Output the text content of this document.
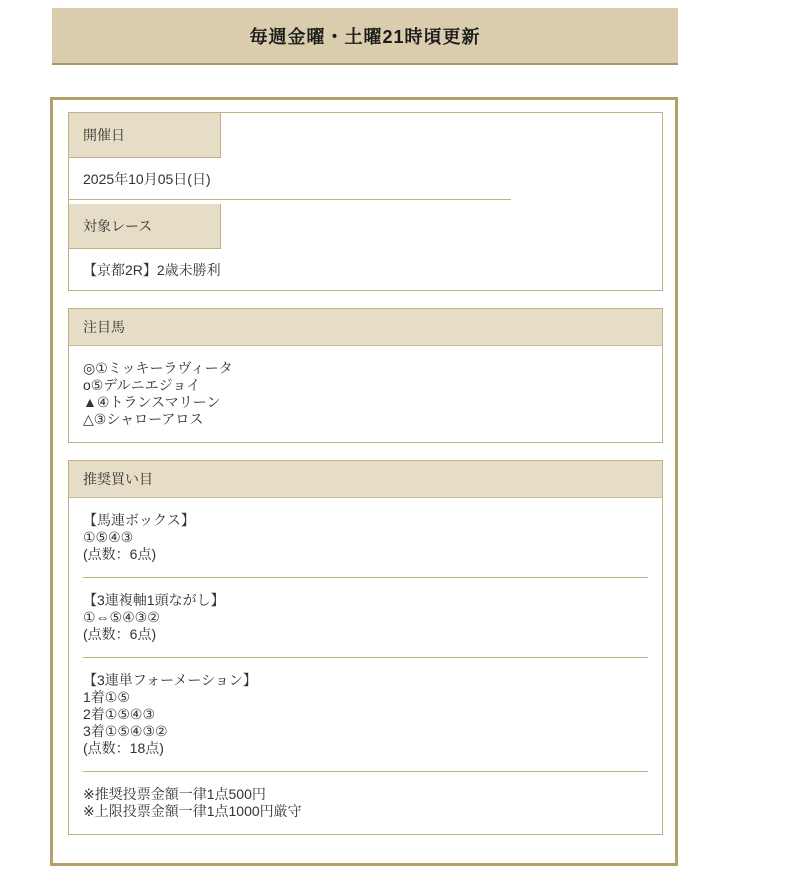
毎週金曜・土曜21時頃更新
開催日
2025年10月05日(日)
対象レース
【京都2R】2歳未勝利
注目馬
◎①ミッキーラヴィータ
o⑤デルニエジョイ
▲④トランスマリーン
△③シャローアロス
推奨買い目
【馬連ボックス】
①⑤④③
(点数：6点)
【3連複軸1頭ながし】
①⇔⑤④③②
(点数：6点)
【3連単フォーメーション】
1着①⑤
2着①⑤④③
3着①⑤④③②
(点数：18点)
※推奨投票金額一律1点500円
※上限投票金額一律1点1000円厳守
